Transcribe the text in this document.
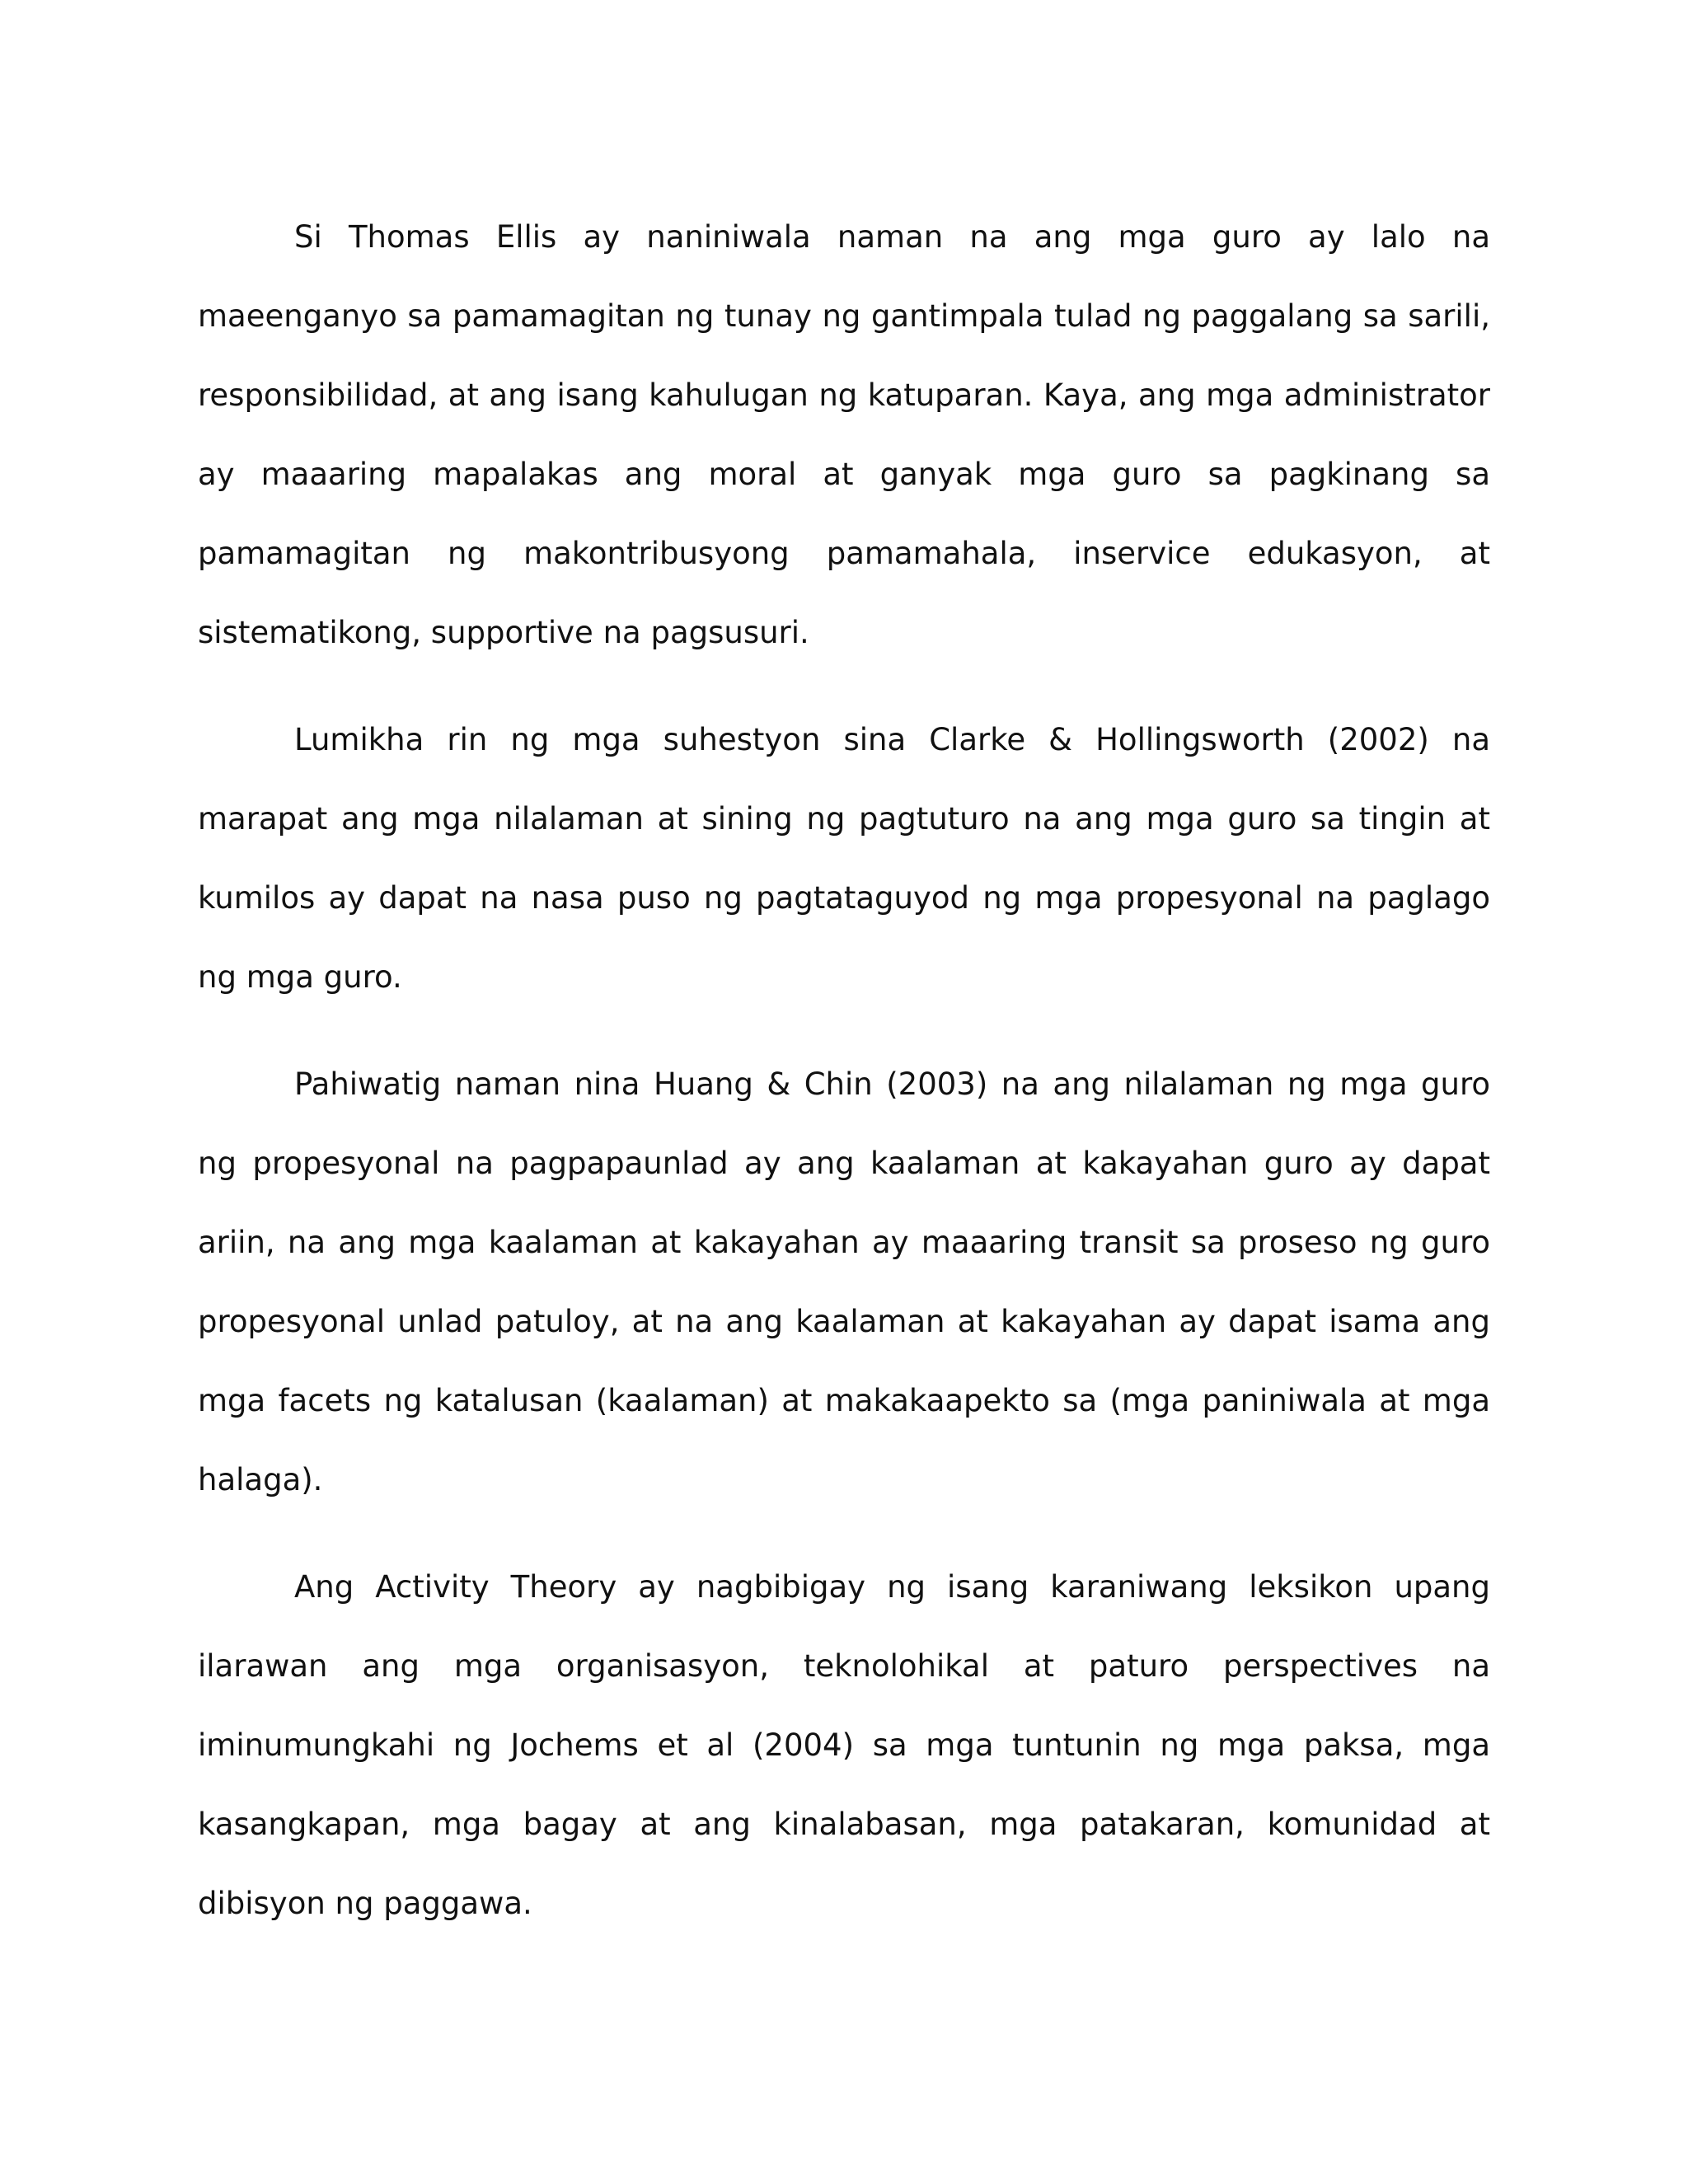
Si Thomas Ellis ay naniniwala naman na ang mga guro ay lalo na maeenganyo sa pamamagitan ng tunay ng gantimpala tulad ng paggalang sa sarili, responsibilidad, at ang isang kahulugan ng katuparan. Kaya, ang mga administrator ay maaaring mapalakas ang moral at ganyak mga guro sa pagkinang sa pamamagitan ng makontribusyong pamamahala, inservice edukasyon, at sistematikong, supportive na pagsusuri.

Lumikha rin ng mga suhestyon sina Clarke & Hollingsworth (2002) na marapat ang mga nilalaman at sining ng pagtuturo na ang mga guro sa tingin at kumilos ay dapat na nasa puso ng pagtataguyod ng mga propesyonal na paglago ng mga guro.

Pahiwatig naman nina Huang & Chin (2003) na ang nilalaman ng mga guro ng propesyonal na pagpapaunlad ay ang kaalaman at kakayahan guro ay dapat ariin, na ang mga kaalaman at kakayahan ay maaaring transit sa proseso ng guro propesyonal unlad patuloy, at na ang kaalaman at kakayahan ay dapat isama ang mga facets ng katalusan (kaalaman) at makakaapekto sa (mga paniniwala at mga halaga).

Ang Activity Theory ay nagbibigay ng isang karaniwang leksikon upang ilarawan ang mga organisasyon, teknolohikal at paturo perspectives na iminumungkahi ng Jochems et al (2004) sa mga tuntunin ng mga paksa, mga kasangkapan, mga bagay at ang kinalabasan, mga patakaran, komunidad at dibisyon ng paggawa.
